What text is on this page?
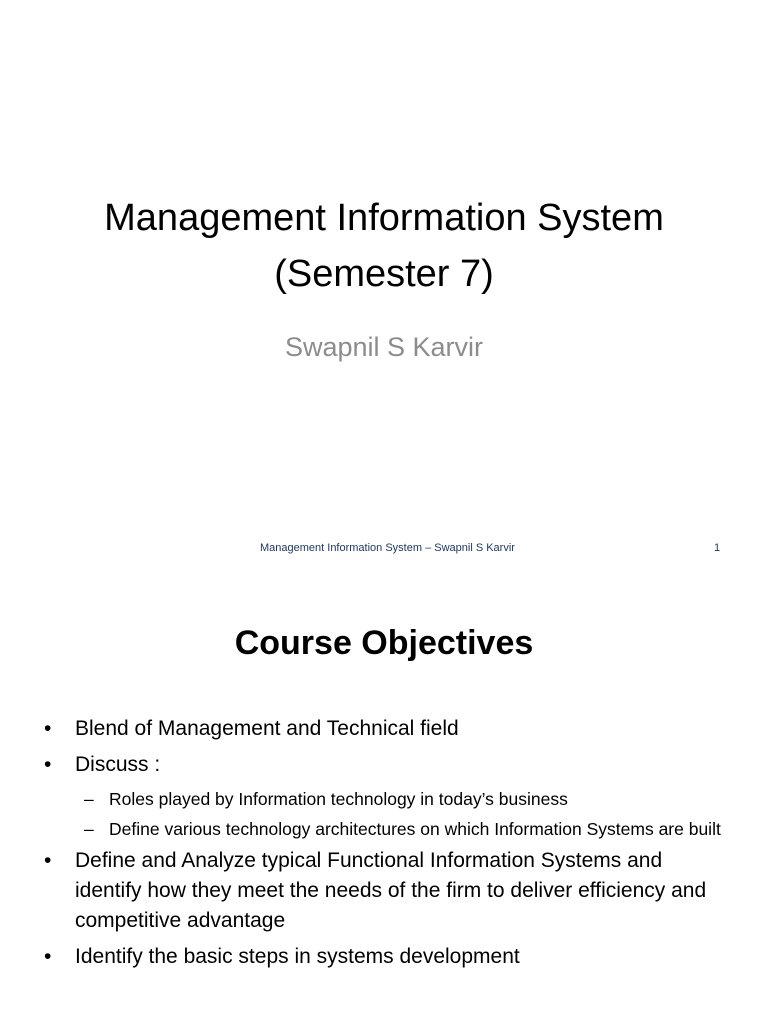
Management Information System
(Semester 7)
Swapnil S Karvir
Management Information System – Swapnil S Karvir	1
Course Objectives
• Blend of Management and Technical field
• Discuss :
– Roles played by Information technology in today’s business
– Define various technology architectures on which Information Systems are built
• Define and Analyze typical Functional Information Systems and identify how they meet the needs of the firm to deliver efficiency and competitive advantage
• Identify the basic steps in systems development
